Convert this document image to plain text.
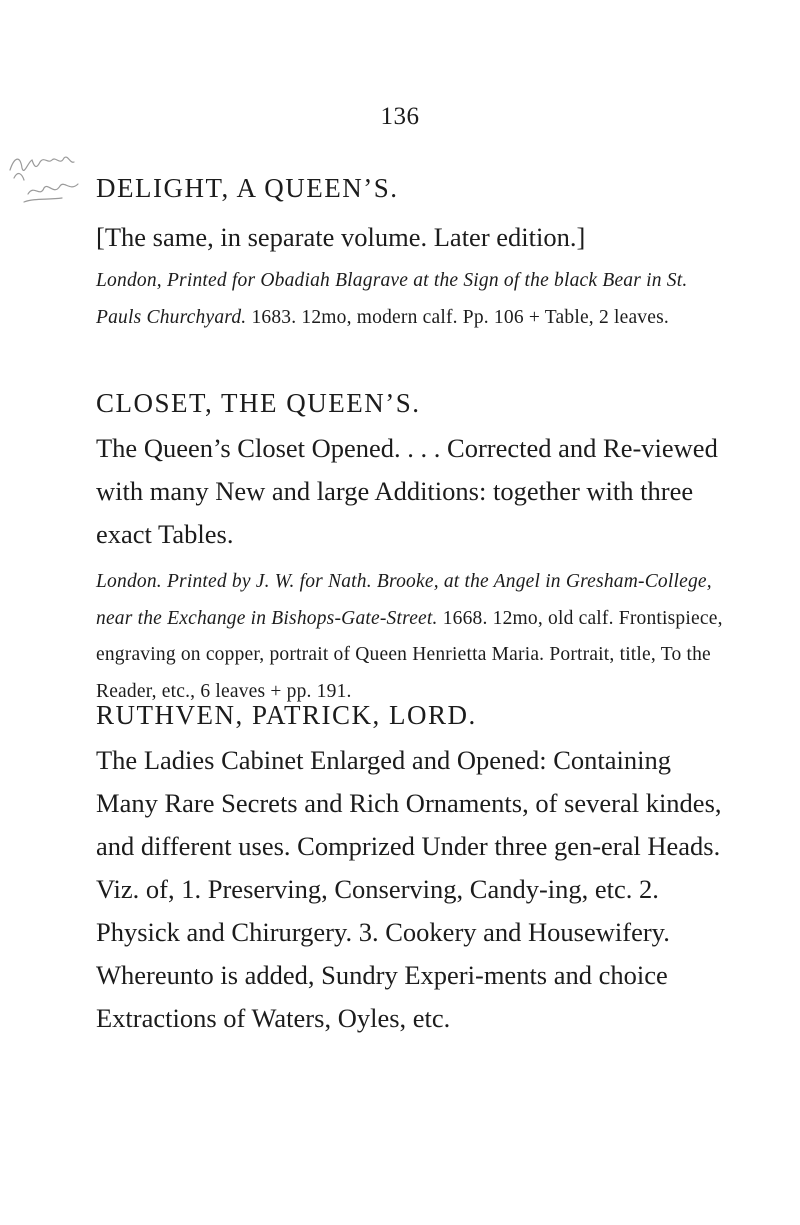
136
DELIGHT, A QUEEN’S.
[The same, in separate volume. Later edition.]
London, Printed for Obadiah Blagrave at the Sign of the black Bear in St. Pauls Churchyard. 1683. 12mo, modern calf. Pp. 106 + Table, 2 leaves.
CLOSET, THE QUEEN’S.
The Queen’s Closet Opened. . . . Corrected and Re-viewed with many New and large Additions: together with three exact Tables.
London. Printed by J. W. for Nath. Brooke, at the Angel in Gresham-College, near the Exchange in Bishops-Gate-Street. 1668. 12mo, old calf. Frontispiece, engraving on copper, portrait of Queen Henrietta Maria. Portrait, title, To the Reader, etc., 6 leaves + pp. 191.
RUTHVEN, PATRICK, LORD.
The Ladies Cabinet Enlarged and Opened: Containing Many Rare Secrets and Rich Ornaments, of several kindes, and different uses. Comprized Under three gen-eral Heads. Viz. of, 1. Preserving, Conserving, Candy-ing, etc. 2. Physick and Chirurgery. 3. Cookery and Housewifery. Whereunto is added, Sundry Experi-ments and choice Extractions of Waters, Oyles, etc.
